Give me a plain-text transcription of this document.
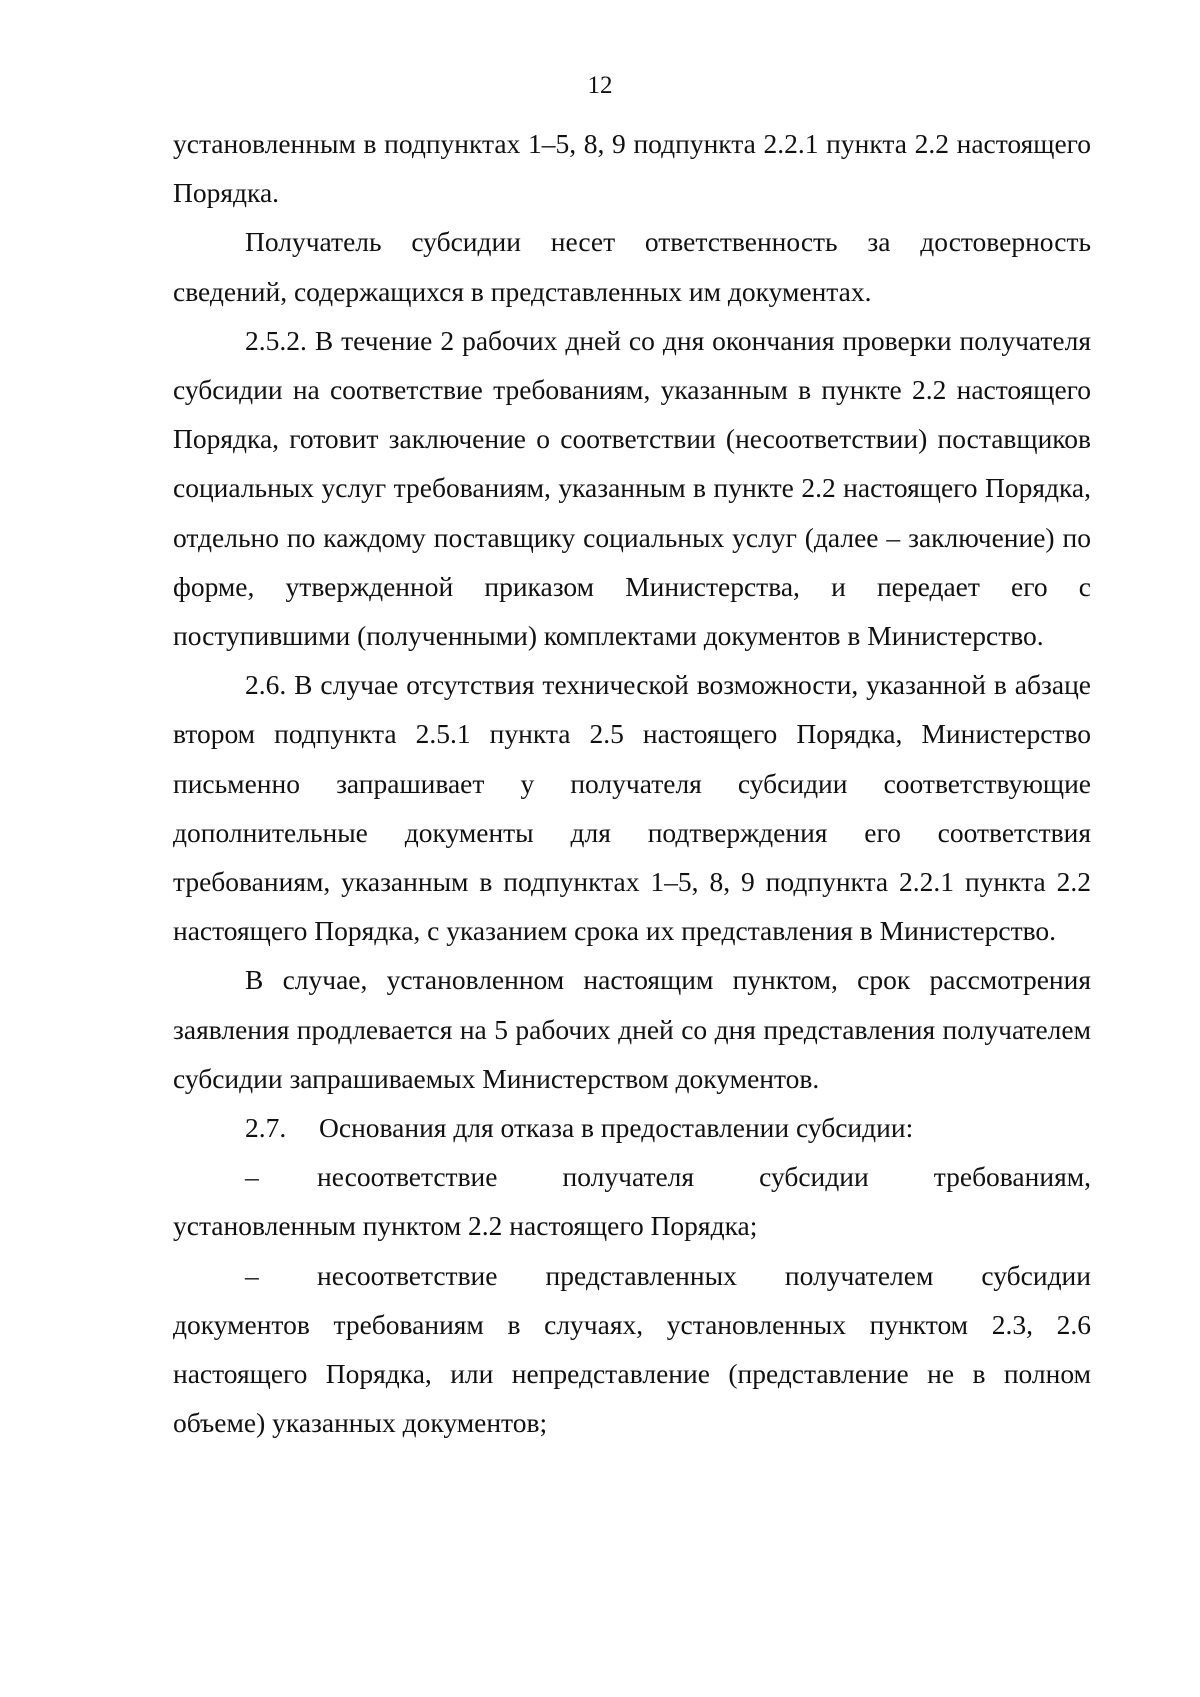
12

установленным в подпунктах 1–5, 8, 9 подпункта 2.2.1 пункта 2.2 настоящего Порядка.

Получатель субсидии несет ответственность за достоверность сведений, содержащихся в представленных им документах.

2.5.2. В течение 2 рабочих дней со дня окончания проверки получателя субсидии на соответствие требованиям, указанным в пункте 2.2 настоящего Порядка, готовит заключение о соответствии (несоответствии) поставщиков социальных услуг требованиям, указанным в пункте 2.2 настоящего Порядка, отдельно по каждому поставщику социальных услуг (далее – заключение) по форме, утвержденной приказом Министерства, и передает его с поступившими (полученными) комплектами документов в Министерство.

2.6. В случае отсутствия технической возможности, указанной в абзаце втором подпункта 2.5.1 пункта 2.5 настоящего Порядка, Министерство письменно запрашивает у получателя субсидии соответствующие дополнительные документы для подтверждения его соответствия требованиям, указанным в подпунктах 1–5, 8, 9 подпункта 2.2.1 пункта 2.2 настоящего Порядка, с указанием срока их представления в Министерство.

В случае, установленном настоящим пунктом, срок рассмотрения заявления продлевается на 5 рабочих дней со дня представления получателем субсидии запрашиваемых Министерством документов.

2.7.	Основания для отказа в предоставлении субсидии:

– несоответствие получателя субсидии требованиям, установленным пунктом 2.2 настоящего Порядка;

– несоответствие представленных получателем субсидии документов требованиям в случаях, установленных пунктом 2.3, 2.6 настоящего Порядка, или непредставление (представление не в полном объеме) указанных документов;
